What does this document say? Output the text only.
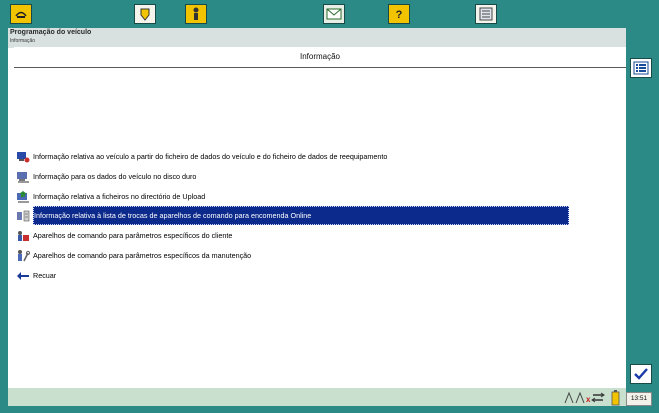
?
Programação do veículo
Informação
Informação
Informação relativa ao veículo a partir do ficheiro de dados do veículo e do ficheiro de dados de reequipamento
Informação para os dados do veículo no disco duro
Informação relativa a ficheiros no directório de Upload
Informação relativa à lista de trocas de aparelhos de comando para encomenda Online
Aparelhos de comando para parâmetros específicos do cliente
Aparelhos de comando para parâmetros específicos da manutenção
Recuar
x	13:51
